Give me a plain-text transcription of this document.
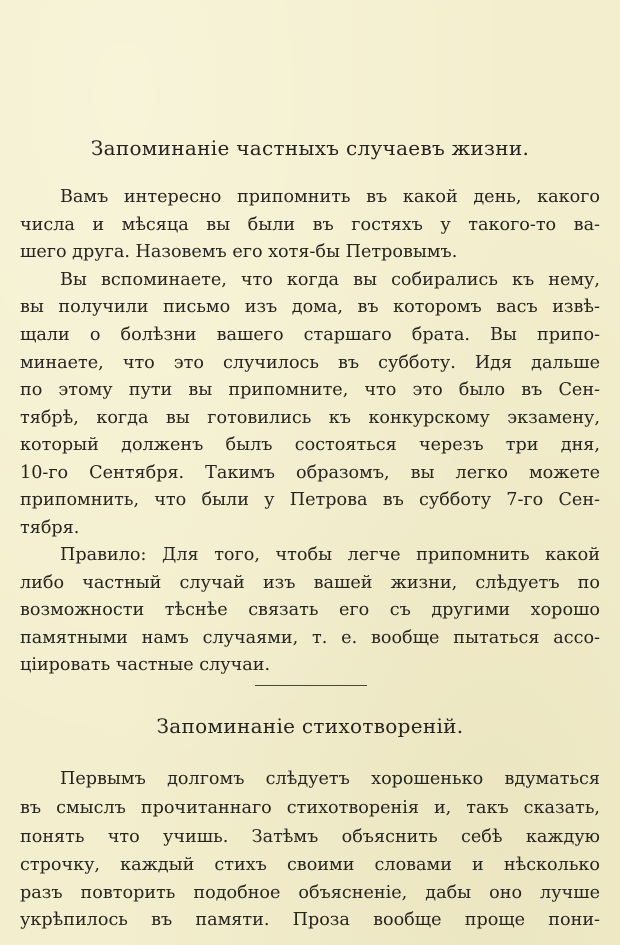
Запоминанiе частныхъ случаевъ жизни.
Вамъ интересно припомнить въ какой день, какого
числа и мѣсяца вы были въ гостяхъ у такого-то ва-
шего друга. Назовемъ его хотя-бы Петровымъ.
Вы вспоминаете, что когда вы собирались къ нему,
вы получили письмо изъ дома, въ которомъ васъ извѣ-
щали о болѣзни вашего старшаго брата. Вы припо-
минаете, что это случилось въ субботу. Идя дальше
по этому пути вы припомните, что это было въ Сен-
тябрѣ, когда вы готовились къ конкурскому экзамену,
который долженъ былъ состояться черезъ три дня,
10-го Сентября. Такимъ образомъ, вы легко можете
припомнить, что были у Петрова въ субботу 7-го Сен-
тября.
Правило: Для того, чтобы легче припомнить какой
либо частный случай изъ вашей жизни, слѣдуетъ по
возможности тѣснѣе связать его съ другими хорошо
памятными намъ случаями, т. е. вообще пытаться ассо-
цiировать частные случаи.
Запоминанiе стихотворенiй.
Первымъ долгомъ слѣдуетъ хорошенько вдуматься
въ смыслъ прочитаннаго стихотворенiя и, такъ сказать,
понять что учишь. Затѣмъ объяснить себѣ каждую
строчку, каждый стихъ своими словами и нѣсколько
разъ повторить подобное объясненiе, дабы оно лучше
укрѣпилось въ памяти. Проза вообще проще пони-
